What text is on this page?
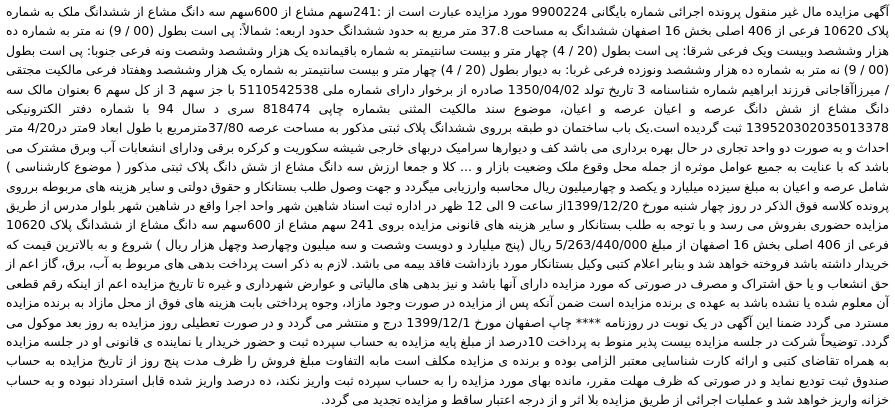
آگهی مزایده مال غیر منقول پرونده اجرائی شماره بایگانی 9900224 مورد مزایده عبارت است از :241سهم مشاع از 600سهم سه دانگ مشاع از ششدانگ ملک به شماره پلاک 10620 فرعی از 406 اصلی بخش 16 اصفهان ششدانگ به مساحت 37.8 متر مربع به حدود ششدانگ حدود اربعه: شمالاً: پی است بطول (00 / 9) نه متر به شماره ده هزار وششصد وبیست ویک فرعی شرقا: پی است بطول (20 / 4) چهار متر و بیست سانتیمتر به شماره باقیمانده یک هزار وششصد وشصت ونه فرعی جنوبا: پی است بطول (00 / 9) نه متر به شماره ده هزار وششصد ونوزده فرعی غربا: به دیوار بطول (20 / 4) چهار متر و بیست سانتیمتر به شماره یک هزار وششصد وهفتاد فرعی مالکیت مجتقی / میرزاآقاجانی فرزند ابراهیم شماره شناسنامه 3 تاریخ تولد 1350/04/02 صادره از برخوار دارای شماره ملی 5110542538 با جز سهم 3 از کل سهم 6 بعنوان مالک سه دانگ مشاع از شش دانگ عرصه و اعیان عرصه و اعیان، موضوع سند مالکیت المثنی بشماره چاپی 818474 سری د سال 94 با شماره دفتر الکترونیکی 139520302035013378 ثبت گردیده است.یک باب ساختمان دو طبقه برروی ششدانگ پلاک ثبتی مذکور به مساحت عرصه 37/80مترمربع با طول ابعاد 9متر در4/20 متر احداث و به صورت دو واحد تجاری در حال بهره برداری می باشد کف و دیوارها سرامیک دربهای خارجی شیشه سکوریت و کرکره برقی ودارای انشعابات آب وبرق مشترک می باشد که با عنایت به جمیع عوامل موثره از جمله محل وقوع ملک وضعیت بازار و ... کلا و جمعا ارزش سه دانگ مشاع از شش دانگ پلاک ثبتی مذکور ( موضوع کارشناسی ) شامل عرصه و اعیان به مبلغ سیزده میلیارد و یکصد و چهارمیلیون ریال محاسبه وارزیابی میگردد و جهت وصول طلب بستانکار و حقوق دولتی و سایر هزینه های مربوطه برروی پرونده کلاسه فوق الذکر در روز چهار شنبه مورخ 1399/12/20از ساعت 9 الی 12 ظهر در اداره ثبت اسناد شاهین شهر واحد اجرا واقع در شاهین شهر بلوار مدرس از طریق مزایده حضوری بفروش می رسد و با توجه به طلب بستانکار و سایر هزینه های قانونی مزایده بروی 241 سهم مشاع از 600سهم سه دانگ مشاع از ششدانگ پلاک 10620 فرعی از 406 اصلی بخش 16 اصفهان از مبلغ 5/263/440/000 ریال (پنج میلیارد و دویست وشصت و سه میلیون وچهارصد وچهل هزار ریال ) شروع و به بالاترین قیمت که خریدار داشته باشد فروخته خواهد شد و بنابر اعلام کتبی وکیل بستانکار مورد بازداشت فاقد بیمه می باشد. لازم به ذکر است پرداخت بدهی های مربوط به آب، برق، گاز اعم از حق انشعاب و یا حق اشتراک و مصرف در صورتی که مورد مزایده دارای آنها باشد و نیز بدهی های مالیاتی و عوارض شهرداری و غیره تا تاریخ مزایده اعم از اینکه رقم قطعی آن معلوم شده یا نشده باشد به عهده ی برنده مزایده است ضمن آنکه پس از مزایده در صورت وجود مازاد، وجوه پرداختی بابت هزینه های فوق از محل مازاد به برنده مزایده مسترد می گردد ضمنا این آگهی در یک نوبت در روزنامه **** چاپ اصفهان مورخ 1399/12/1 درج و منتشر می گردد و در صورت تعطیلی روز مزایده به روز بعد موکول می گردد. توضیحاً شرکت در جلسه مزایده بیست پذیر منوط به پرداخت 10درصد از مبلغ پایه مزایده به حساب سپرده ثبت و حضور خریدار یا نماینده ی قانونی او در جلسه مزایده به همراه تقاضای کتبی و ارائه کارت شناسایی معتبر الزامی بوده و برنده ی مزایده مکلف است مابه التفاوت مبلغ فروش را ظرف مدت پنج روز از تاریخ مزایده به حساب صندوق ثبت تودیع نماید و در صورتی که ظرف مهلت مقرر، مانده بهای مورد مزایده را به حساب سپرده ثبت واریز نکند، ده درصد واریز شده قابل استرداد نبوده و به حساب خزانه واریز خواهد شد و عملیات اجرائی از طریق مزایده بلا اثر و از درجه اعتبار ساقط و مزایده تجدید می گردد.
